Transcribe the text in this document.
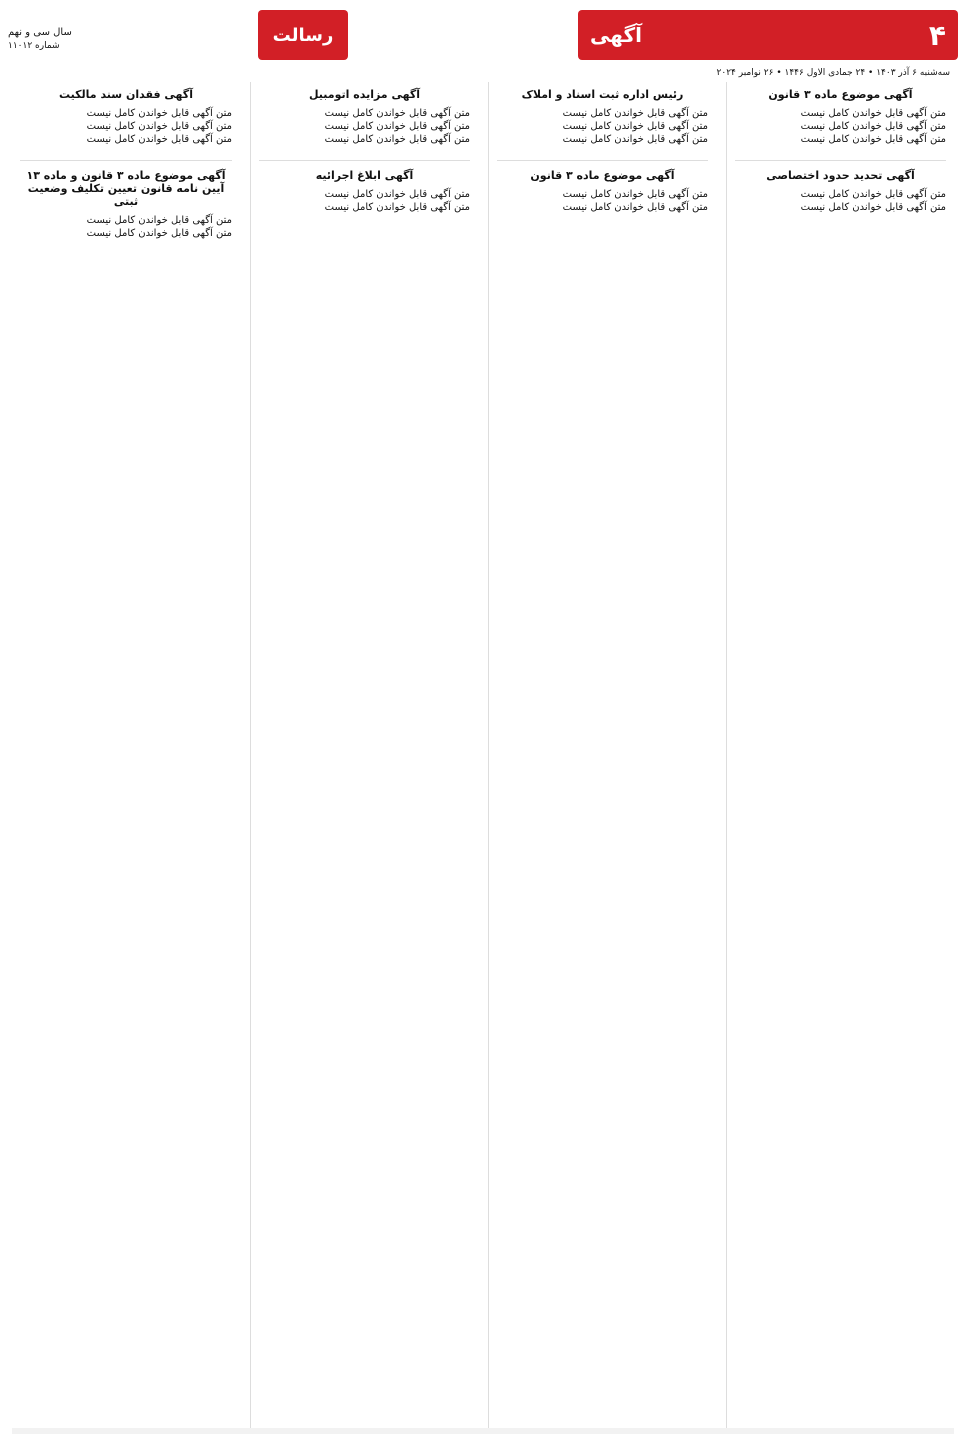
سال سی و نهم
شماره ۱۱۰۱۲	رسالت	آگهی	۴
سه‌شنبه ۶ آذر ۱۴۰۳ • ۲۴ جمادی الاول ۱۴۴۶ • ۲۶ نوامبر ۲۰۲۴
آگهی فقدان سند مالکیت
متن آگهی قابل خواندن کامل نیست
متن آگهی قابل خواندن کامل نیست
متن آگهی قابل خواندن کامل نیست
آگهی موضوع ماده ۳ قانون و ماده ۱۳ آیین نامه قانون تعیین تکلیف وضعیت ثبتی
متن آگهی قابل خواندن کامل نیست
متن آگهی قابل خواندن کامل نیست
آگهی مزایده اتومبیل
متن آگهی قابل خواندن کامل نیست
متن آگهی قابل خواندن کامل نیست
متن آگهی قابل خواندن کامل نیست
آگهی ابلاغ اجرائیه
متن آگهی قابل خواندن کامل نیست
متن آگهی قابل خواندن کامل نیست
رئیس اداره ثبت اسناد و املاک
متن آگهی قابل خواندن کامل نیست
متن آگهی قابل خواندن کامل نیست
متن آگهی قابل خواندن کامل نیست
آگهی موضوع ماده ۳ قانون
متن آگهی قابل خواندن کامل نیست
متن آگهی قابل خواندن کامل نیست
آگهی موضوع ماده ۳ قانون
متن آگهی قابل خواندن کامل نیست
متن آگهی قابل خواندن کامل نیست
متن آگهی قابل خواندن کامل نیست
آگهی تحدید حدود اختصاصی
متن آگهی قابل خواندن کامل نیست
متن آگهی قابل خواندن کامل نیست
